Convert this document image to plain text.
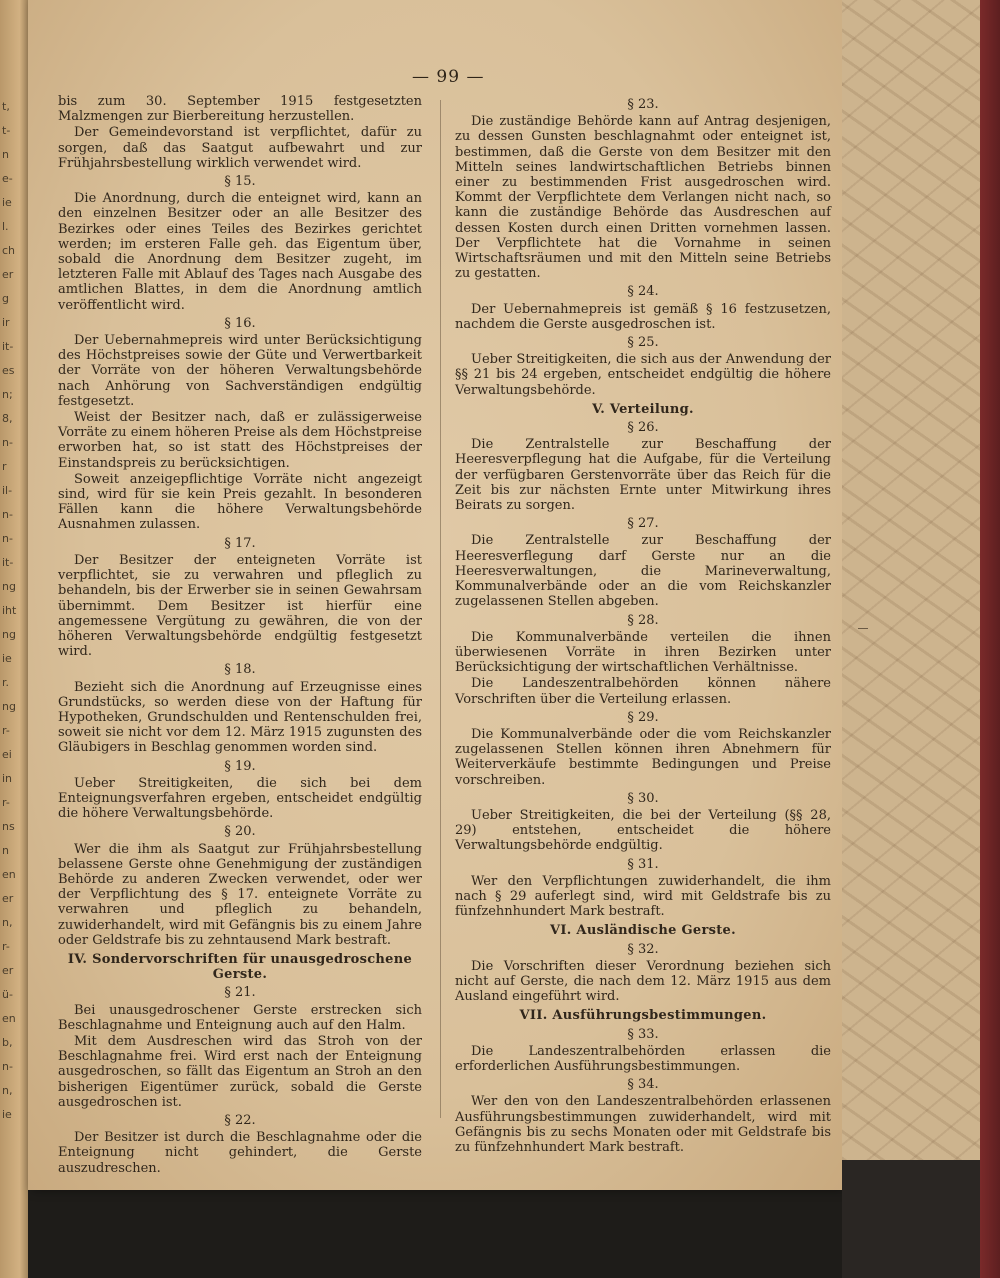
t,
t-
n
e-
ie
l.
ch
er
g
ir
it-
es
n;
8,
n-
r
il-
n-
n-
it-
ng
iht
ng
ie
r.
ng
r-
ei
in
r-
ns
n
en
er
n,
r-
er
ü-
en
b,
n-
n,
ie
— 99 —

bis zum 30. September 1915 festgesetzten Malzmengen zur Bierbereitung herzustellen.

Der Gemeindevorstand ist verpflichtet, dafür zu sorgen, daß das Saatgut aufbewahrt und zur Frühjahrsbestellung wirklich verwendet wird.

§ 15.

Die Anordnung, durch die enteignet wird, kann an den einzelnen Besitzer oder an alle Besitzer des Bezirkes oder eines Teiles des Bezirkes gerichtet werden; im ersteren Falle geh. das Eigentum über, sobald die Anordnung dem Besitzer zugeht, im letzteren Falle mit Ablauf des Tages nach Ausgabe des amtlichen Blattes, in dem die Anordnung amtlich veröffentlicht wird.

§ 16.

Der Uebernahmepreis wird unter Berücksichtigung des Höchstpreises sowie der Güte und Verwertbarkeit der Vorräte von der höheren Verwaltungsbehörde nach Anhörung von Sachverständigen endgültig festgesetzt.

Weist der Besitzer nach, daß er zulässigerweise Vorräte zu einem höheren Preise als dem Höchstpreise erworben hat, so ist statt des Höchstpreises der Einstandspreis zu berücksichtigen.

Soweit anzeigepflichtige Vorräte nicht angezeigt sind, wird für sie kein Preis gezahlt. In besonderen Fällen kann die höhere Verwaltungsbehörde Ausnahmen zulassen.

§ 17.

Der Besitzer der enteigneten Vorräte ist verpflichtet, sie zu verwahren und pfleglich zu behandeln, bis der Erwerber sie in seinen Gewahrsam übernimmt. Dem Besitzer ist hierfür eine angemessene Vergütung zu gewähren, die von der höheren Verwaltungsbehörde endgültig festgesetzt wird.

§ 18.

Bezieht sich die Anordnung auf Erzeugnisse eines Grundstücks, so werden diese von der Haftung für Hypotheken, Grundschulden und Rentenschulden frei, soweit sie nicht vor dem 12. März 1915 zugunsten des Gläubigers in Beschlag genommen worden sind.

§ 19.

Ueber Streitigkeiten, die sich bei dem Enteignungsverfahren ergeben, entscheidet endgültig die höhere Verwaltungsbehörde.

§ 20.

Wer die ihm als Saatgut zur Frühjahrsbestellung belassene Gerste ohne Genehmigung der zuständigen Behörde zu anderen Zwecken verwendet, oder wer der Verpflichtung des § 17. enteignete Vorräte zu verwahren und pfleglich zu behandeln, zuwiderhandelt, wird mit Gefängnis bis zu einem Jahre oder Geldstrafe bis zu zehntausend Mark bestraft.

IV. Sondervorschriften für unausgedroschene Gerste.
§ 21.

Bei unausgedroschener Gerste erstrecken sich Beschlagnahme und Enteignung auch auf den Halm.

Mit dem Ausdreschen wird das Stroh von der Beschlagnahme frei. Wird erst nach der Enteignung ausgedroschen, so fällt das Eigentum an Stroh an den bisherigen Eigentümer zurück, sobald die Gerste ausgedroschen ist.

§ 22.

Der Besitzer ist durch die Beschlagnahme oder die Enteignung nicht gehindert, die Gerste auszudreschen.

§ 23.

Die zuständige Behörde kann auf Antrag desjenigen, zu dessen Gunsten beschlagnahmt oder enteignet ist, bestimmen, daß die Gerste von dem Besitzer mit den Mitteln seines landwirtschaftlichen Betriebs binnen einer zu bestimmenden Frist ausgedroschen wird. Kommt der Verpflichtete dem Verlangen nicht nach, so kann die zuständige Behörde das Ausdreschen auf dessen Kosten durch einen Dritten vornehmen lassen. Der Verpflichtete hat die Vornahme in seinen Wirtschaftsräumen und mit den Mitteln seine Betriebs zu gestatten.

§ 24.

Der Uebernahmepreis ist gemäß § 16 festzusetzen, nachdem die Gerste ausgedroschen ist.

§ 25.

Ueber Streitigkeiten, die sich aus der Anwendung der §§ 21 bis 24 ergeben, entscheidet endgültig die höhere Verwaltungsbehörde.

V. Verteilung.
§ 26.

Die Zentralstelle zur Beschaffung der Heeresverpflegung hat die Aufgabe, für die Verteilung der verfügbaren Gerstenvorräte über das Reich für die Zeit bis zur nächsten Ernte unter Mitwirkung ihres Beirats zu sorgen.

§ 27.

Die Zentralstelle zur Beschaffung der Heeresverflegung darf Gerste nur an die Heeresverwaltungen, die Marineverwaltung, Kommunalverbände oder an die vom Reichskanzler zugelassenen Stellen abgeben.

§ 28.

Die Kommunalverbände verteilen die ihnen überwiesenen Vorräte in ihren Bezirken unter Berücksichtigung der wirtschaftlichen Verhältnisse.

Die Landeszentralbehörden können nähere Vorschriften über die Verteilung erlassen.

§ 29.

Die Kommunalverbände oder die vom Reichskanzler zugelassenen Stellen können ihren Abnehmern für Weiterverkäufe bestimmte Bedingungen und Preise vorschreiben.

§ 30.

Ueber Streitigkeiten, die bei der Verteilung (§§ 28, 29) entstehen, entscheidet die höhere Verwaltungsbehörde endgültig.

§ 31.

Wer den Verpflichtungen zuwiderhandelt, die ihm nach § 29 auferlegt sind, wird mit Geldstrafe bis zu fünfzehnhundert Mark bestraft.

VI. Ausländische Gerste.
§ 32.

Die Vorschriften dieser Verordnung beziehen sich nicht auf Gerste, die nach dem 12. März 1915 aus dem Ausland eingeführt wird.

VII. Ausführungsbestimmungen.
§ 33.

Die Landeszentralbehörden erlassen die erforderlichen Ausführungsbestimmungen.

§ 34.

Wer den von den Landeszentralbehörden erlassenen Ausführungsbestimmungen zuwiderhandelt, wird mit Gefängnis bis zu sechs Monaten oder mit Geldstrafe bis zu fünfzehnhundert Mark bestraft.
